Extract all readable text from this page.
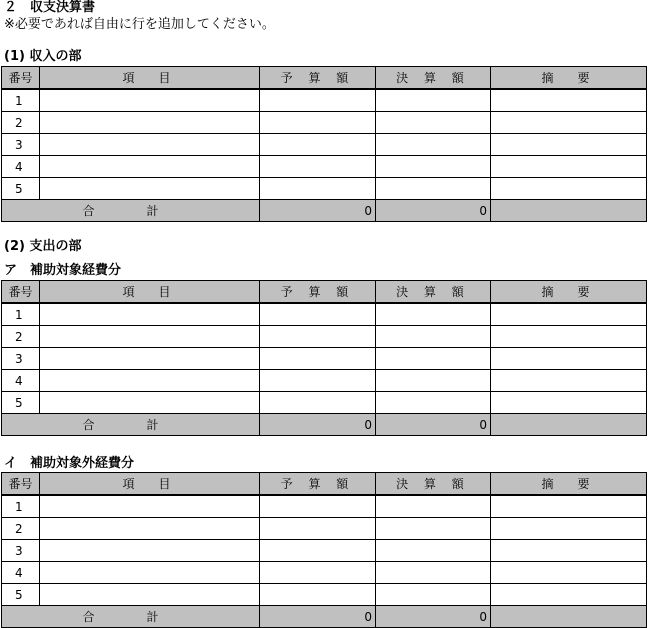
２　収支決算書
※必要であれば自由に行を追加してください。
(1) 収入の部
番号	項　目	予 算 額	決 算 額	摘　要
1				
2				
3				
4				
5				
合　計		0	0	
(2) 支出の部
ア　補助対象経費分
番号	項　目	予 算 額	決 算 額	摘　要
1				
2				
3				
4				
5				
合　計		0	0	
イ　補助対象外経費分
番号	項　目	予 算 額	決 算 額	摘　要
1				
2				
3				
4				
5				
合　計		0	0	
